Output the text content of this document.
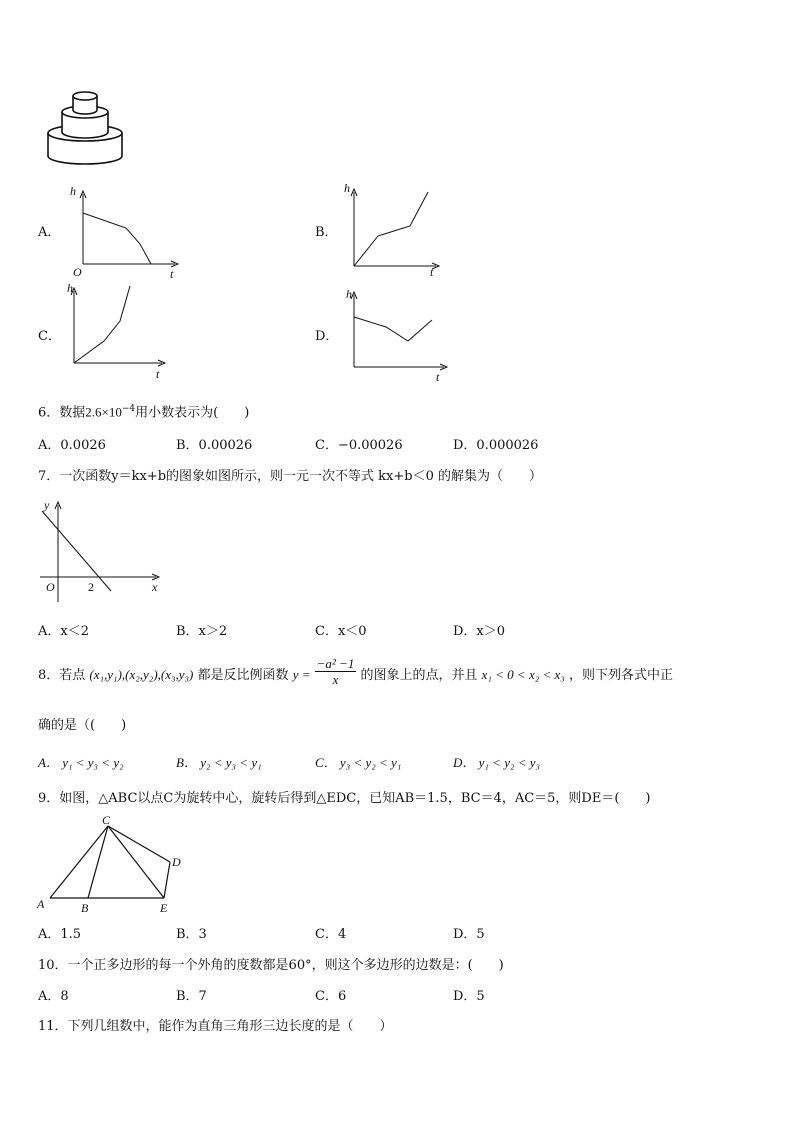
A．
h
t
O
B．
h
t
C．
h
t
D．
h
t
6．数据$2.6\times 10^{-4}$用小数表示为(　　)
A．0.0026	B．0.00026	C．−0.00026	D．0.000026
7．一次函数y＝kx+b的图象如图所示，则一元一次不等式 kx+b＜0 的解集为（　　）
y
x
O	2
A．x＜2	B．x＞2	C．x＜0	D．x＞0
8．若点 (x₁,y₁),(x₂,y₂),(x₃,y₃) 都是反比例函数 $y = \frac{\text{−a² −1}}{x}$ 的图象上的点，并且 x₁ < 0 < x₂ < x₃ ，则下列各式中正
确的是（(　　)
A． y₁ < y₃ < y₂	B． y₂ < y₃ < y₁	C． y₃ < y₂ < y₁	D． y₁ < y₂ < y₃
9．如图，△ABC以点C为旋转中心，旋转后得到△EDC，已知AB＝1.5，BC＝4，AC＝5，则DE＝(　　)
A	B
C
D
E
A．1.5	B．3	C．4	D．5
10．一个正多边形的每一个外角的度数都是60°，则这个多边形的边数是：(　　)
A．8	B．7	C．6	D．5
11．下列几组数中，能作为直角三角形三边长度的是（　　）
